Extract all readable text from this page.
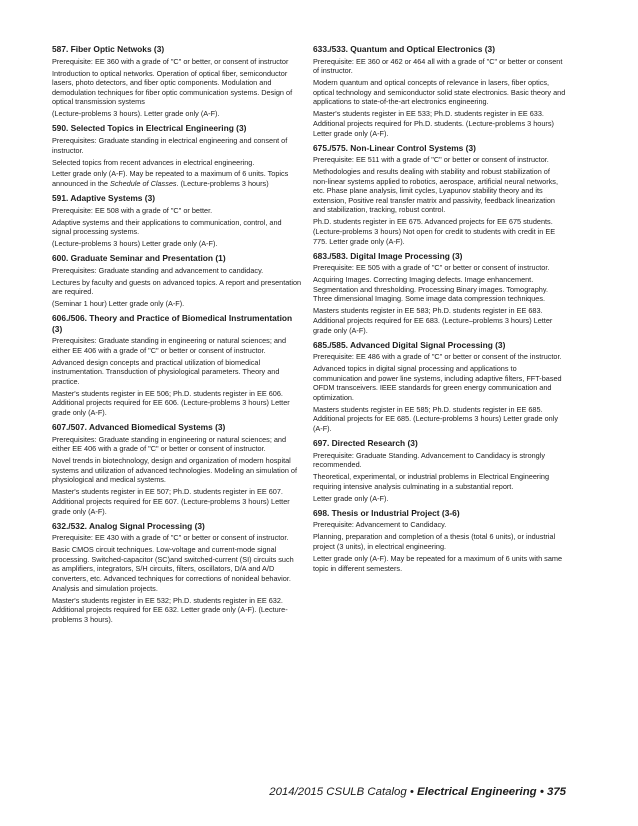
587. Fiber Optic Netwoks (3)
Prerequisite: EE 360 with a grade of "C" or better, or consent of instructor
Introduction to optical networks. Operation of optical fiber, semiconductor lasers, photo detectors, and fiber optic components. Modulation and demodulation techniques for fiber optic communication systems. Design of optical transmission systems
(Lecture-problems 3 hours). Letter grade only (A-F).
590. Selected Topics in Electrical Engineering (3)
Prerequisites: Graduate standing in electrical engineering and consent of instructor.
Selected topics from recent advances in electrical engineering.
Letter grade only (A-F). May be repeated to a maximum of 6 units. Topics announced in the Schedule of Classes. (Lecture-problems 3 hours)
591. Adaptive Systems (3)
Prerequisite: EE 508 with a grade of "C" or better.
Adaptive systems and their applications to communication, control, and signal processing systems.
(Lecture-problems 3 hours) Letter grade only (A-F).
600. Graduate Seminar and Presentation (1)
Prerequisites: Graduate standing and advancement to candidacy.
Lectures by faculty and guests on advanced topics. A report and presentation are required.
(Seminar 1 hour) Letter grade only (A-F).
606./506. Theory and Practice of Biomedical Instrumentation (3)
Prerequisites: Graduate standing in engineering or natural sciences; and either EE 406 with a grade of "C" or better or consent of instructor.
Advanced design concepts and practical utilization of biomedical instrumentation. Transduction of physiological parameters. Theory and practice.
Master's students register in EE 506; Ph.D. students register in EE 606. Additional projects required for EE 606. (Lecture-problems 3 hours) Letter grade only (A-F).
607./507. Advanced Biomedical Systems (3)
Prerequisites: Graduate standing in engineering or natural sciences; and either EE 406 with a grade of "C" or better or consent of instructor.
Novel trends in biotechnology, design and organization of modern hospital systems and utilization of advanced technologies. Modeling an simulation of physiological and medical systems.
Master's students register in EE 507; Ph.D. students register in EE 607. Additional projects required for EE 607. (Lecture-problems 3 hours) Letter grade only (A-F).
632./532. Analog Signal Processing (3)
Prerequisite: EE 430 with a grade of "C" or better or consent of instructor.
Basic CMOS circuit techniques. Low-voltage and current-mode signal processing. Switched-capacitor (SC)and switched-current (SI) circuits such as amplifiers, integrators, S/H circuits, filters, oscillators, D/A and A/D converters, etc. Advanced techniques for corrections of nonideal behavior. Analysis and simulation projects.
Master's students register in EE 532; Ph.D. students register in EE 632. Additional projects required for EE 632. Letter grade only (A-F). (Lecture-problems 3 hours).
633./533. Quantum and Optical Electronics (3)
Prerequisite: EE 360 or 462 or 464 all with a grade of "C" or better or consent of instructor.
Modern quantum and optical concepts of relevance in lasers, fiber optics, optical technology and semiconductor solid state electronics. Basic theory and applications to state-of-the-art electronics engineering.
Master's students register in EE 533; Ph.D. students register in EE 633. Additional projects required for Ph.D. students. (Lecture-problems 3 hours) Letter grade only (A-F).
675./575. Non-Linear Control Systems (3)
Prerequisite: EE 511 with a grade of "C" or better or consent of instructor.
Methodologies and results dealing with stability and robust stabilization of non-linear systems applied to robotics, aerospace, artificial neural networks, etc. Phase plane analysis, limit cycles, Lyapunov stability theory and its extension, Positive real transfer matrix and passivity, feedback linearization and stabilization, tracking, robust control.
Ph.D. students register in EE 675. Advanced projects for EE 675 students. (Lecture-problems 3 hours) Not open for credit to students with credit in EE 775. Letter grade only (A-F).
683./583. Digital Image Processing (3)
Prerequisite: EE 505 with a grade of "C" or better or consent of instructor.
Acquiring Images. Correcting Imaging defects. Image enhancement. Segmentation and thresholding. Processing Binary images. Tomography. Three dimensional Imaging. Some image data compression techniques.
Masters students register in EE 583; Ph.D. students register in EE 683. Additional projects required for EE 683. (Lecture–problems 3 hours) Letter grade only (A-F).
685./585. Advanced Digital Signal Processing (3)
Prerequisite: EE 486 with a grade of "C" or better or consent of the instructor.
Advanced topics in digital signal processing and applications to communication and power line systems, including adaptive filters, FFT-based OFDM transceivers. IEEE standards for green energy communication and optimization.
Masters students register in EE 585; Ph.D. students register in EE 685. Additional projects for EE 685. (Lecture-problems 3 hours) Letter grade only (A-F).
697. Directed Research (3)
Prerequisite: Graduate Standing. Advancement to Candidacy is strongly recommended.
Theoretical, experimental, or industrial problems in Electrical Engineering requiring intensive analysis culminating in a substantial report.
Letter grade only (A-F).
698. Thesis or Industrial Project (3-6)
Prerequisite: Advancement to Candidacy.
Planning, preparation and completion of a thesis (total 6 units), or industrial project (3 units), in electrical engineering.
Letter grade only (A-F). May be repeated for a maximum of 6 units with same topic in different semesters.
2014/2015 CSULB Catalog • Electrical Engineering • 375
